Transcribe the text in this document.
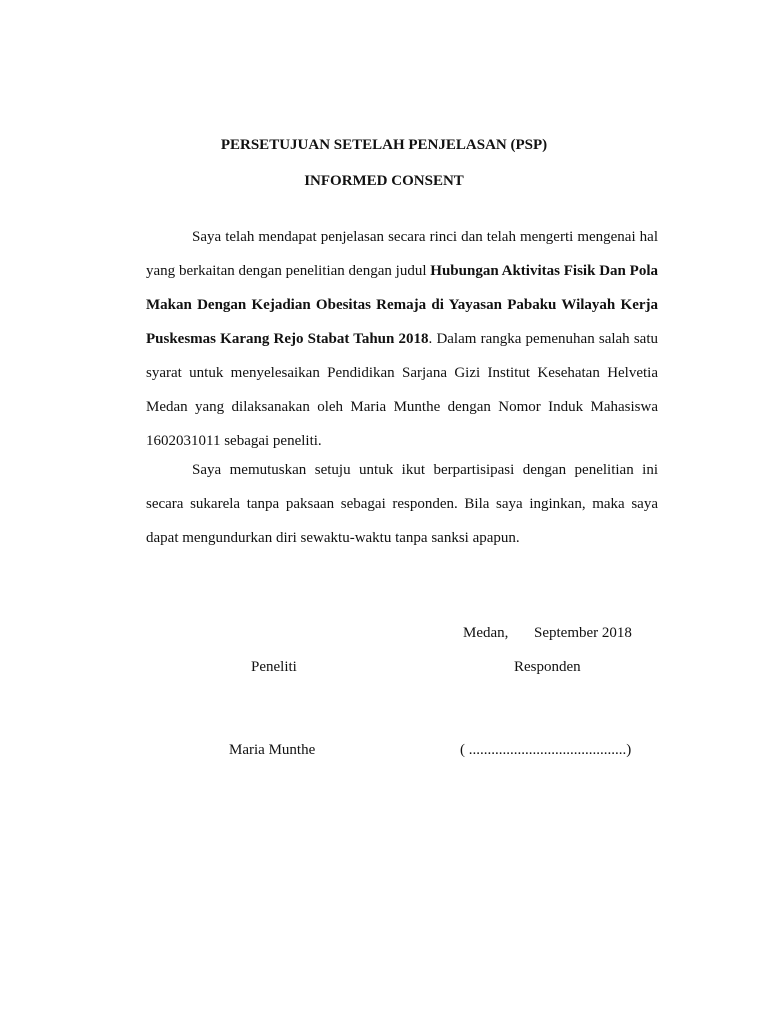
PERSETUJUAN SETELAH PENJELASAN (PSP)

INFORMED CONSENT

Saya telah mendapat penjelasan secara rinci dan telah mengerti mengenai hal yang berkaitan dengan penelitian dengan judul Hubungan Aktivitas Fisik Dan Pola Makan Dengan Kejadian Obesitas Remaja di Yayasan Pabaku Wilayah Kerja Puskesmas Karang Rejo Stabat Tahun 2018. Dalam rangka pemenuhan salah satu syarat untuk menyelesaikan Pendidikan Sarjana Gizi Institut Kesehatan Helvetia Medan yang dilaksanakan oleh Maria Munthe dengan Nomor Induk Mahasiswa 1602031011 sebagai peneliti.

Saya memutuskan setuju untuk ikut berpartisipasi dengan penelitian ini secara sukarela tanpa paksaan sebagai responden. Bila saya inginkan, maka saya dapat mengundurkan diri sewaktu-waktu tanpa sanksi apapun.

Medan, September 2018
Peneliti	Responden
Maria Munthe	( ..........................................)
